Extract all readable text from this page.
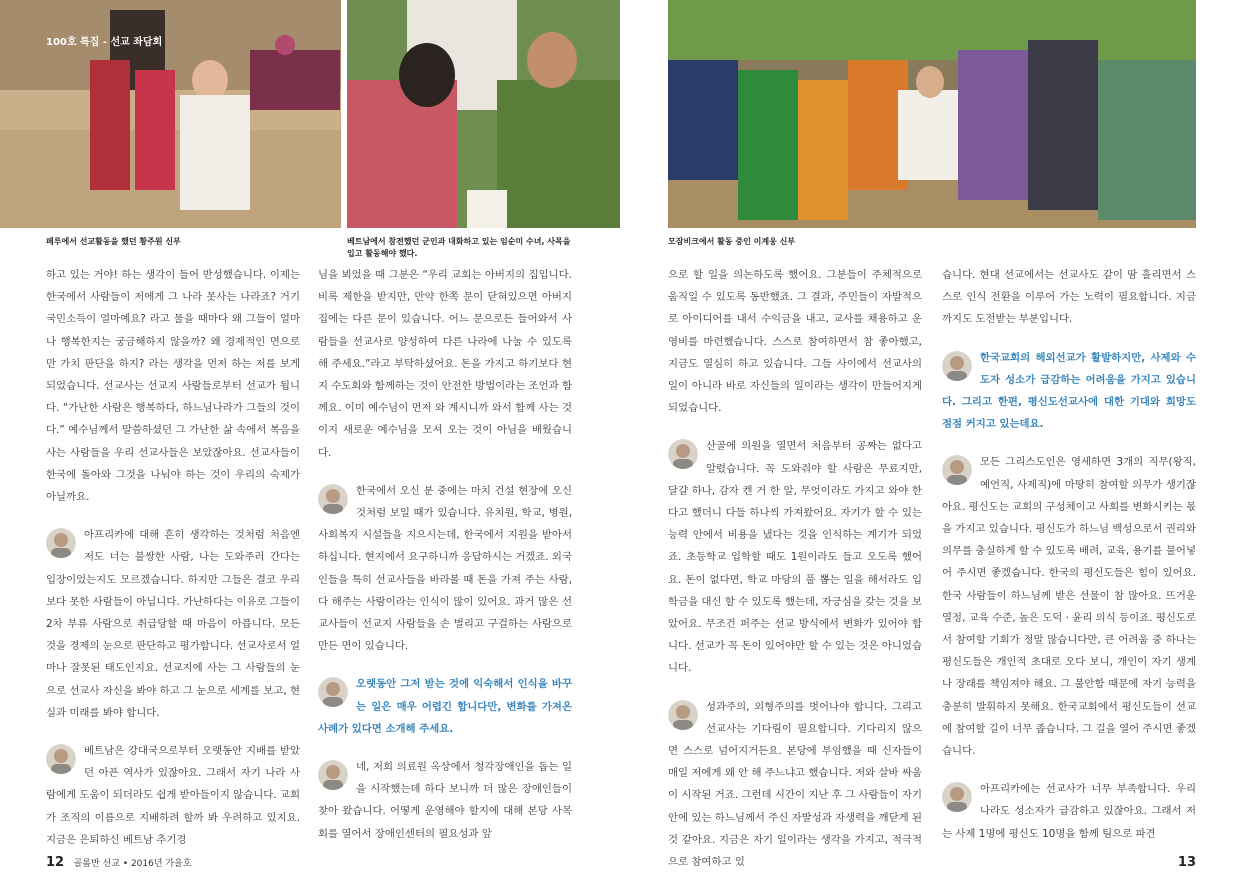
100호 특집 - 선교 좌담회
페루에서 선교활동을 했던 황주원 신부	베트남에서 참전했던 군인과 대화하고 있는 임순미 수녀, 사목을 입고 활동해야 했다.
모잠비크에서 활동 중인 이계웅 신부

하고 있는 거야! 하는 생각이 들어 반성했습니다. 이제는 한국에서 사람들이 저에게 그 나라 못사는 나라죠? 거기 국민소득이 얼마예요? 라고 물을 때마다 왜 그들이 얼마나 행복한지는 궁금해하지 않을까? 왜 경제적인 면으로만 가치 판단을 하지? 라는 생각을 먼저 하는 저를 보게 되었습니다. 선교사는 선교지 사람들로부터 선교가 됩니다. “가난한 사람은 행복하다, 하느님나라가 그들의 것이다.” 예수님께서 말씀하셨던 그 가난한 삶 속에서 복음을 사는 사람들을 우리 선교사들은 보았잖아요. 선교사들이 한국에 돌아와 그것을 나눠야 하는 것이 우리의 숙제가 아닐까요.

아프리카에 대해 흔히 생각하는 것처럼 처음엔 저도 너는 불쌍한 사람, 나는 도와주러 간다는 입장이었는지도 모르겠습니다. 하지만 그들은 결코 우리보다 못한 사람들이 아닙니다. 가난하다는 이유로 그들이 2차 부류 사람으로 취급당할 때 마음이 아픕니다. 모든 것을 경제의 눈으로 판단하고 평가합니다. 선교사로서 얼마나 잘못된 태도인지요. 선교지에 사는 그 사람들의 눈으로 선교사 자신을 봐야 하고 그 눈으로 세계를 보고, 현실과 미래를 봐야 합니다.

베트남은 강대국으로부터 오랫동안 지배를 받았던 아픈 역사가 있잖아요. 그래서 자기 나라 사람에게 도움이 되더라도 쉽게 받아들이지 않습니다. 교회가 조직의 이름으로 지배하려 할까 봐 우려하고 있지요. 지금은 은퇴하신 베트남 추기경

님을 뵈었을 때 그분은 “우리 교회는 아버지의 집입니다. 비록 제한을 받지만, 만약 한쪽 문이 닫혀있으면 아버지 집에는 다른 문이 있습니다. 어느 문으로든 들어와서 사람들을 선교사로 양성하여 다른 나라에 나눌 수 있도록 해 주세요.”라고 부탁하셨어요. 돈을 가지고 하기보다 현지 수도회와 함께하는 것이 안전한 방법이라는 조언과 함께요. 이미 예수님이 먼저 와 계시니까 와서 함께 사는 것이지 새로운 예수님을 모셔 오는 것이 아님을 배웠습니다.

한국에서 오신 분 중에는 마치 건설 현장에 오신 것처럼 보일 때가 있습니다. 유치원, 학교, 병원, 사회복지 시설들을 지으시는데, 한국에서 지원을 받아서 하십니다. 현지에서 요구하니까 응답하시는 거겠죠. 외국인들을 특히 선교사들을 바라볼 때 돈을 가져 주는 사람, 다 해주는 사람이라는 인식이 많이 있어요. 과거 많은 선교사들이 선교지 사람들을 손 벌리고 구걸하는 사람으로 만든 면이 있습니다.

오랫동안 그저 받는 것에 익숙해서 인식을 바꾸는 일은 매우 어렵긴 합니다만, 변화를 가져온 사례가 있다면 소개해 주세요.

네, 저희 의료원 옥상에서 청각장애인을 돕는 일을 시작했는데 하다 보니까 더 많은 장애인들이 찾아 왔습니다. 어떻게 운영해야 할지에 대해 본당 사목회를 열어서 장애인센터의 필요성과 앞

으로 할 일을 의논하도록 했어요. 그분들이 주체적으로 움직일 수 있도록 동반했죠. 그 결과, 주민들이 자발적으로 아이디어를 내서 수익금을 내고, 교사를 채용하고 운영비를 마련했습니다. 스스로 참여하면서 참 좋아했고, 지금도 열심히 하고 있습니다. 그들 사이에서 선교사의 일이 아니라 바로 자신들의 일이라는 생각이 만들어지게 되었습니다.

산골에 의원을 열면서 처음부터 공짜는 없다고 알렸습니다. 꼭 도와줘야 할 사람은 무료지만, 달걀 하나, 감자 켄 거 한 알, 무엇이라도 가지고 와야 한다고 했더니 다들 하나씩 가져왔어요. 자기가 할 수 있는 능력 안에서 비용을 냈다는 것을 인식하는 계기가 되었죠. 초등학교 입학할 때도 1원이라도 들고 오도록 했어요. 돈이 없다면, 학교 마당의 풀 뽑는 일을 해서라도 입학금을 대신 할 수 있도록 했는데, 자긍심을 갖는 것을 보았어요. 무조건 퍼주는 선교 방식에서 변화가 있어야 합니다. 선교가 꼭 돈이 있어야만 할 수 있는 것은 아니었습니다.

성과주의, 외형주의를 벗어나야 합니다. 그리고 선교사는 기다림이 필요합니다. 기다리지 않으면 스스로 넘어지거든요. 본당에 부임했을 때 신자들이 매일 저에게 왜 안 해 주느냐고 했습니다. 저와 살바 싸움이 시작된 거죠. 그런데 시간이 지난 후 그 사람들이 자기 안에 있는 하느님께서 주신 자발성과 자생력을 깨닫게 된 것 같아요. 지금은 자기 일이라는 생각을 가지고, 적극적으로 참여하고 있

습니다. 현대 선교에서는 선교사도 같이 땀 흘리면서 스스로 인식 전환을 이루어 가는 노력이 필요합니다. 지금까지도 도전받는 부분입니다.

한국교회의 해외선교가 활발하지만, 사제와 수도자 성소가 급감하는 어려움을 가지고 있습니다. 그리고 한편, 평신도선교사에 대한 기대와 희망도 점점 커지고 있는데요.

모든 그리스도인은 영세하면 3개의 직무(왕직, 예언직, 사제직)에 마땅히 참여할 의무가 생기잖아요. 평신도는 교회의 구성체이고 사회를 변화시키는 몫을 가지고 있습니다. 평신도가 하느님 백성으로서 권리와 의무를 충실하게 할 수 있도록 배려, 교육, 용기를 불어넣어 주시면 좋겠습니다. 한국의 평신도들은 힘이 있어요. 한국 사람들이 하느님께 받은 선물이 참 많아요. 뜨거운 열정, 교육 수준, 높은 도덕 · 윤리 의식 등이죠. 평신도로서 참여할 기회가 정말 많습니다만, 큰 어려움 중 하나는 평신도들은 개인적 초대로 오다 보니, 개인이 자기 생계나 장래를 책임져야 해요. 그 불안함 때문에 자기 능력을 충분히 발휘하지 못해요. 한국교회에서 평신도들이 선교에 참여할 길이 너무 좁습니다. 그 길을 열어 주시면 좋겠습니다.

아프리카에는 선교사가 너무 부족합니다. 우리나라도 성소자가 급감하고 있잖아요. 그래서 저는 사제 1명에 평신도 10명을 함께 팀으로 파견

12 골롬반 선교 • 2016년 가을호	13
